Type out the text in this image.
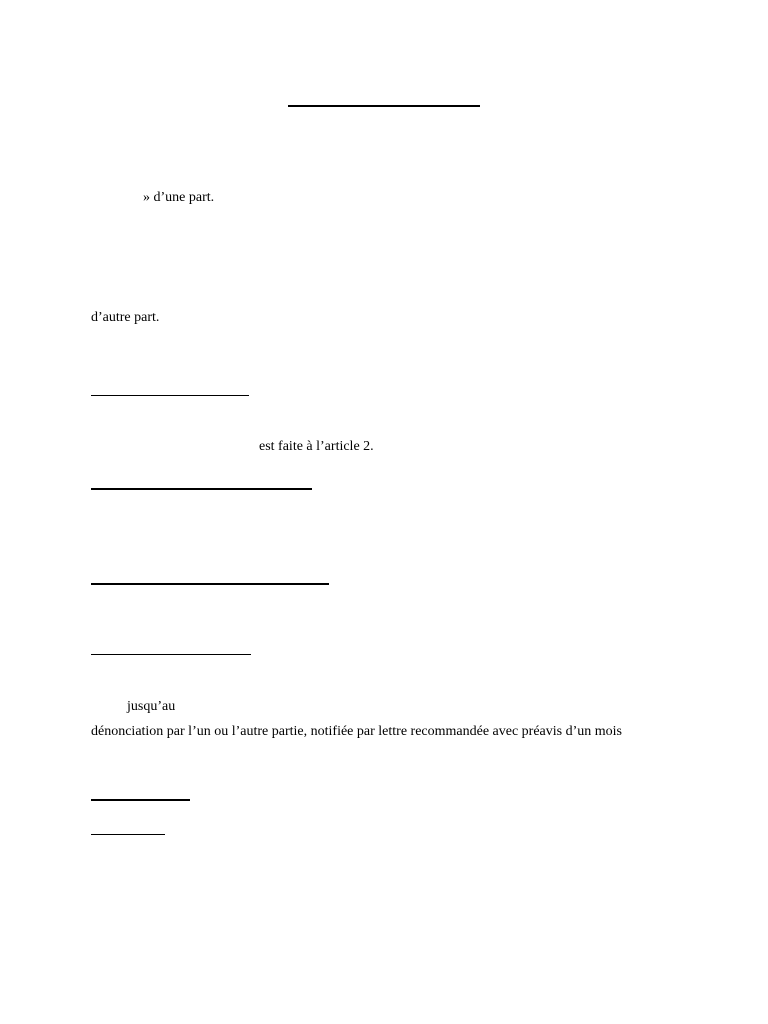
» d’une part.
d’autre part.
est faite à l’article 2.
jusqu’au
dénonciation par l’un ou l’autre partie, notifiée par lettre recommandée avec préavis d’un mois
